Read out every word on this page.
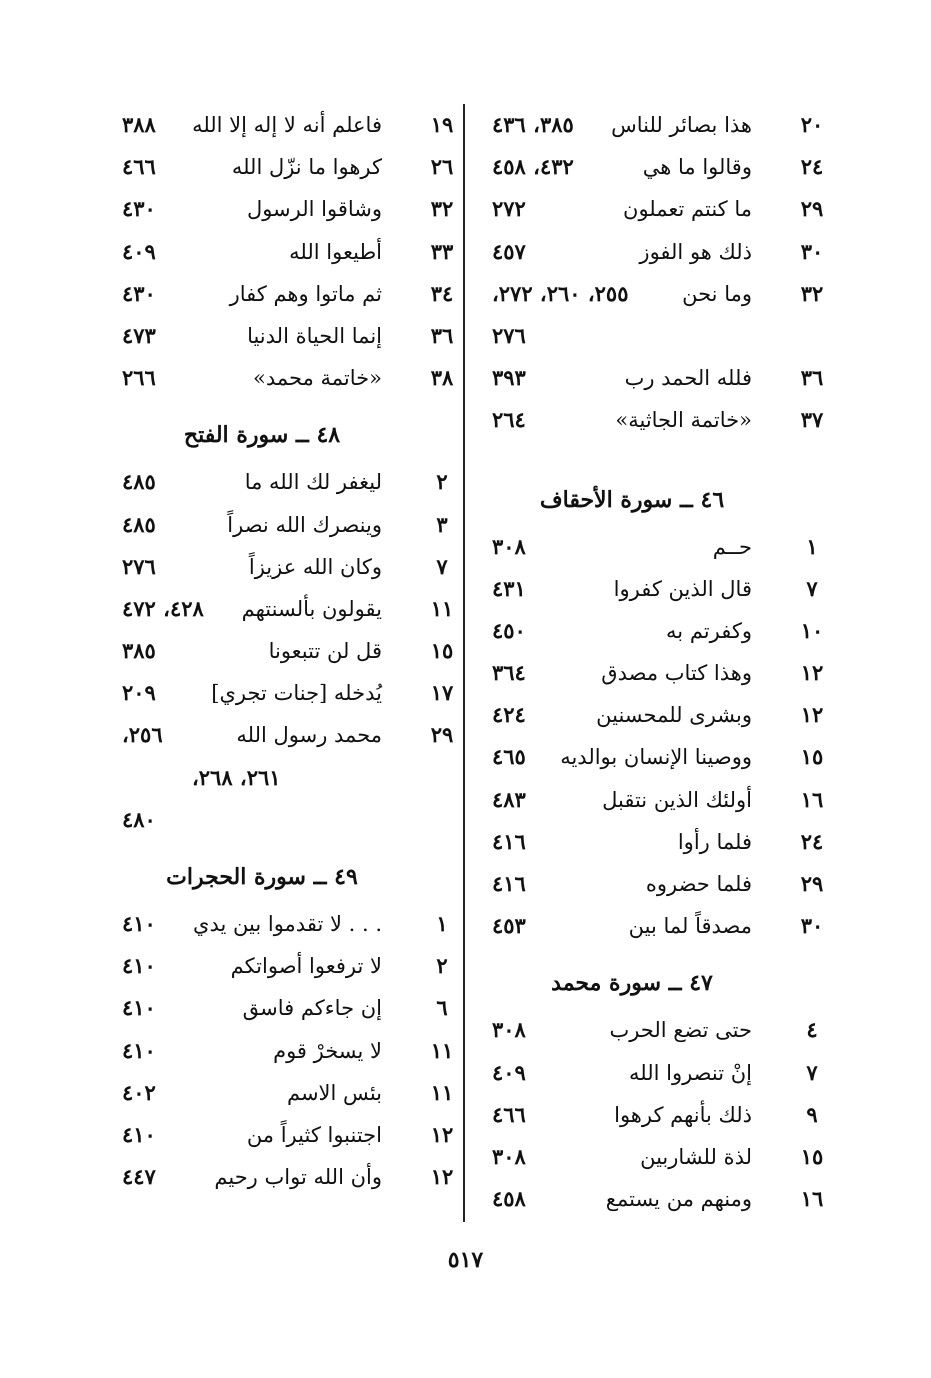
٢٠
هذا بصائر للناس
٣٨٥، ٤٣٦
٢٤
وقالوا ما هي
٤٣٢، ٤٥٨
٢٩
ما كنتم تعملون
٢٧٢
٣٠
ذلك هو الفوز
٤٥٧
٣٢
وما نحن
٢٥٥، ٢٦٠، ٢٧٢،
٢٧٦
٣٦
فلله الحمد رب
٣٩٣
٣٧
«خاتمة الجاثية»
٢٦٤
٤٦ ــ سورة الأحقاف
١
حــم
٣٠٨
٧
قال الذين كفروا
٤٣١
١٠
وكفرتم به
٤٥٠
١٢
وهذا كتاب مصدق
٣٦٤
١٢
وبشرى للمحسنين
٤٢٤
١٥
ووصينا الإنسان بوالديه
٤٦٥
١٦
أولئك الذين نتقبل
٤٨٣
٢٤
فلما رأوا
٤١٦
٢٩
فلما حضروه
٤١٦
٣٠
مصدقاً لما بين
٤٥٣
٤٧ ــ سورة محمد
٤
حتى تضع الحرب
٣٠٨
٧
إنْ تنصروا الله
٤٠٩
٩
ذلك بأنهم كرهوا
٤٦٦
١٥
لذة للشاربين
٣٠٨
١٦
ومنهم من يستمع
٤٥٨
١٩
فاعلم أنه لا إله إلا الله
٣٨٨
٢٦
كرهوا ما نزّل الله
٤٦٦
٣٢
وشاقوا الرسول
٤٣٠
٣٣
أطيعوا الله
٤٠٩
٣٤
ثم ماتوا وهم كفار
٤٣٠
٣٦
إنما الحياة الدنيا
٤٧٣
٣٨
«خاتمة محمد»
٢٦٦
٤٨ ــ سورة الفتح
٢
ليغفر لك الله ما
٤٨٥
٣
وينصرك الله نصراً
٤٨٥
٧
وكان الله عزيزاً
٢٧٦
١١
يقولون بألسنتهم
٤٢٨، ٤٧٢
١٥
قل لن تتبعونا
٣٨٥
١٧
يُدخله [جنات تجري]
٢٠٩
٢٩
محمد رسول الله
٢٥٦،
٢٦١، ٢٦٨،
٤٨٠
٤٩ ــ سورة الحجرات
١
. . . لا تقدموا بين يدي
٤١٠
٢
لا ترفعوا أصواتكم
٤١٠
٦
إن جاءكم فاسق
٤١٠
١١
لا يسخرْ قوم
٤١٠
١١
بئس الاسم
٤٠٢
١٢
اجتنبوا كثيراً من
٤١٠
١٢
وأن الله تواب رحيم
٤٤٧
٥١٧
